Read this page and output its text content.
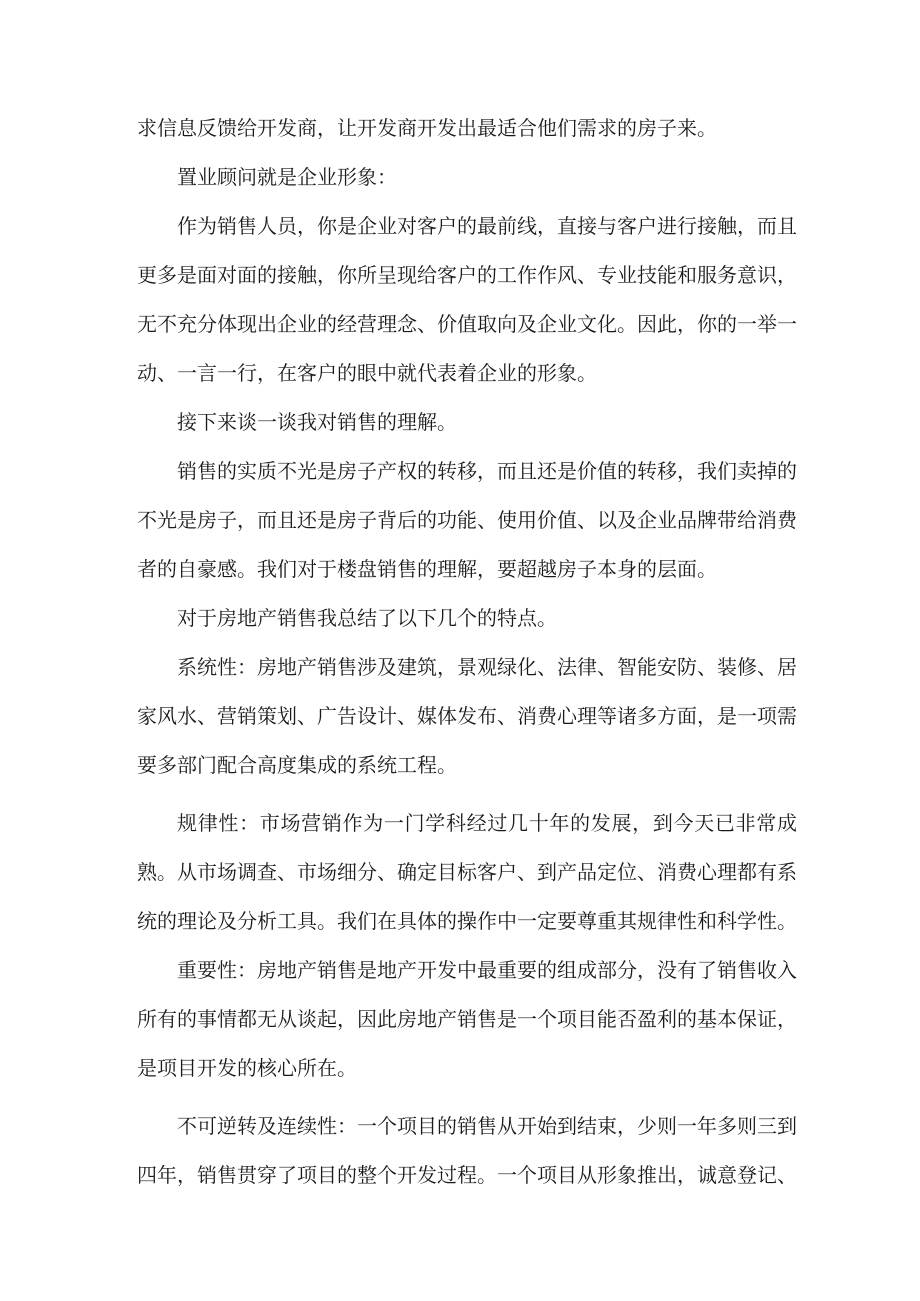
求信息反馈给开发商，让开发商开发出最适合他们需求的房子来。

置业顾问就是企业形象：

作为销售人员，你是企业对客户的最前线，直接与客户进行接触，而且更多是面对面的接触，你所呈现给客户的工作作风、专业技能和服务意识，无不充分体现出企业的经营理念、价值取向及企业文化。因此，你的一举一动、一言一行，在客户的眼中就代表着企业的形象。

接下来谈一谈我对销售的理解。

销售的实质不光是房子产权的转移，而且还是价值的转移，我们卖掉的不光是房子，而且还是房子背后的功能、使用价值、以及企业品牌带给消费者的自豪感。我们对于楼盘销售的理解，要超越房子本身的层面。

对于房地产销售我总结了以下几个的特点。

系统性：房地产销售涉及建筑，景观绿化、法律、智能安防、装修、居家风水、营销策划、广告设计、媒体发布、消费心理等诸多方面，是一项需要多部门配合高度集成的系统工程。

规律性：市场营销作为一门学科经过几十年的发展，到今天已非常成熟。从市场调查、市场细分、确定目标客户、到产品定位、消费心理都有系统的理论及分析工具。我们在具体的操作中一定要尊重其规律性和科学性。

重要性：房地产销售是地产开发中最重要的组成部分，没有了销售收入所有的事情都无从谈起，因此房地产销售是一个项目能否盈利的基本保证，是项目开发的核心所在。

不可逆转及连续性：一个项目的销售从开始到结束，少则一年多则三到四年，销售贯穿了项目的整个开发过程。一个项目从形象推出，诚意登记、
